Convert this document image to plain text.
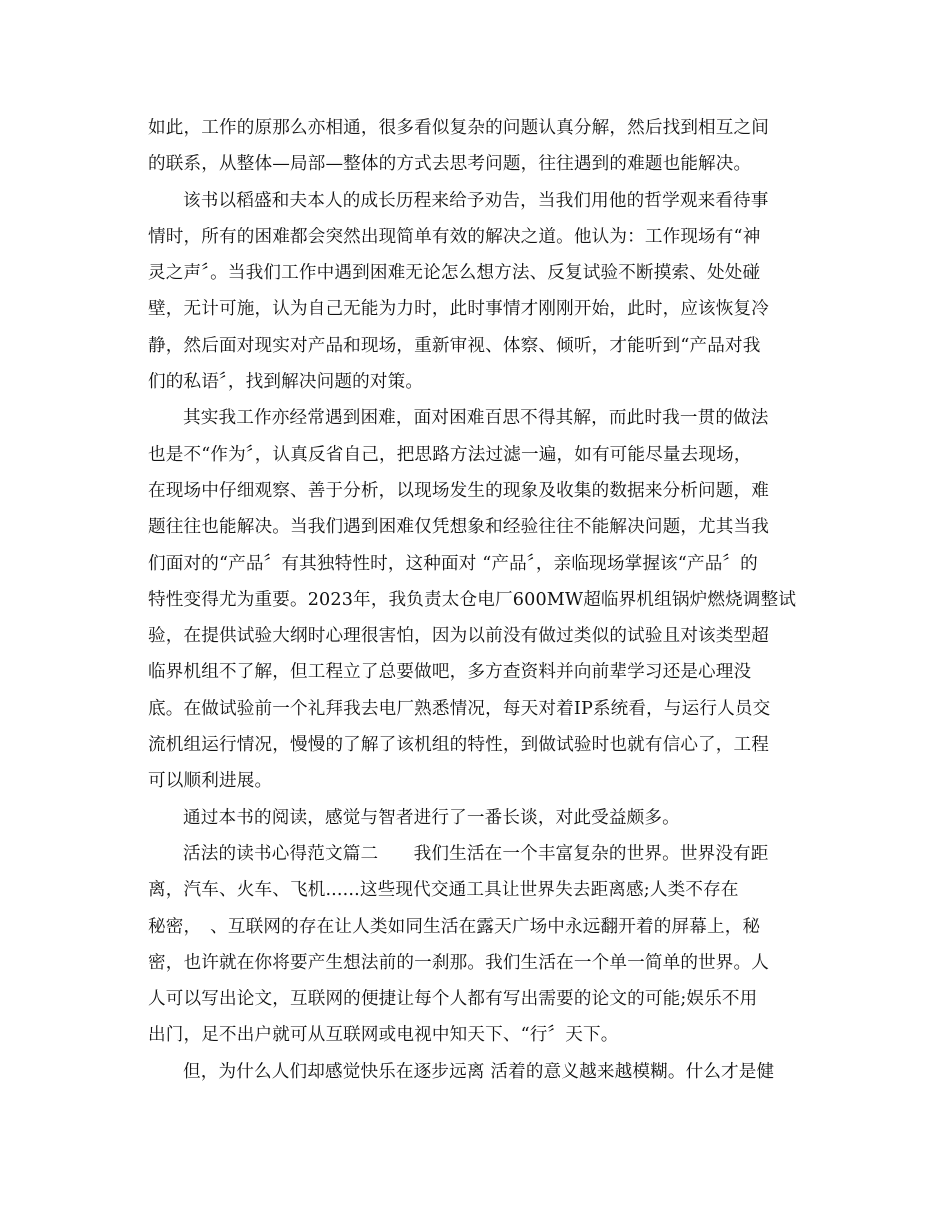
如此，工作的原那么亦相通，很多看似复杂的问题认真分解，然后找到相互之间
的联系，从整体—局部—整体的方式去思考问题，往往遇到的难题也能解决。
该书以稻盛和夫本人的成长历程来给予劝告，当我们用他的哲学观来看待事
情时，所有的困难都会突然出现简单有效的解决之道。他认为：工作现场有“神
灵之声〞。当我们工作中遇到困难无论怎么想方法、反复试验不断摸索、处处碰
壁，无计可施，认为自己无能为力时，此时事情才刚刚开始，此时，应该恢复冷
静，然后面对现实对产品和现场，重新审视、体察、倾听，才能听到“产品对我
们的私语〞，找到解决问题的对策。
其实我工作亦经常遇到困难，面对困难百思不得其解，而此时我一贯的做法
也是不“作为〞，认真反省自己，把思路方法过滤一遍，如有可能尽量去现场，
在现场中仔细观察、善于分析，以现场发生的现象及收集的数据来分析问题，难
题往往也能解决。当我们遇到困难仅凭想象和经验往往不能解决问题，尤其当我
们面对的“产品〞有其独特性时，这种面对 “产品〞，亲临现场掌握该“产品〞的
特性变得尤为重要。2023年，我负责太仓电厂600MW超临界机组锅炉燃烧调整试
验，在提供试验大纲时心理很害怕，因为以前没有做过类似的试验且对该类型超
临界机组不了解，但工程立了总要做吧，多方查资料并向前辈学习还是心理没
底。在做试验前一个礼拜我去电厂熟悉情况，每天对着IP系统看，与运行人员交
流机组运行情况，慢慢的了解了该机组的特性，到做试验时也就有信心了，工程
可以顺利进展。
通过本书的阅读，感觉与智者进行了一番长谈，对此受益颇多。
活法的读书心得范文篇二　　我们生活在一个丰富复杂的世界。世界没有距
离，汽车、火车、飞机......这些现代交通工具让世界失去距离感;人类不存在
秘密，　、互联网的存在让人类如同生活在露天广场中永远翻开着的屏幕上，秘
密，也许就在你将要产生想法前的一刹那。我们生活在一个单一简单的世界。人
人可以写出论文，互联网的便捷让每个人都有写出需要的论文的可能;娱乐不用
出门，足不出户就可从互联网或电视中知天下、“行〞天下。
但，为什么人们却感觉快乐在逐步远离 活着的意义越来越模糊。什么才是健
